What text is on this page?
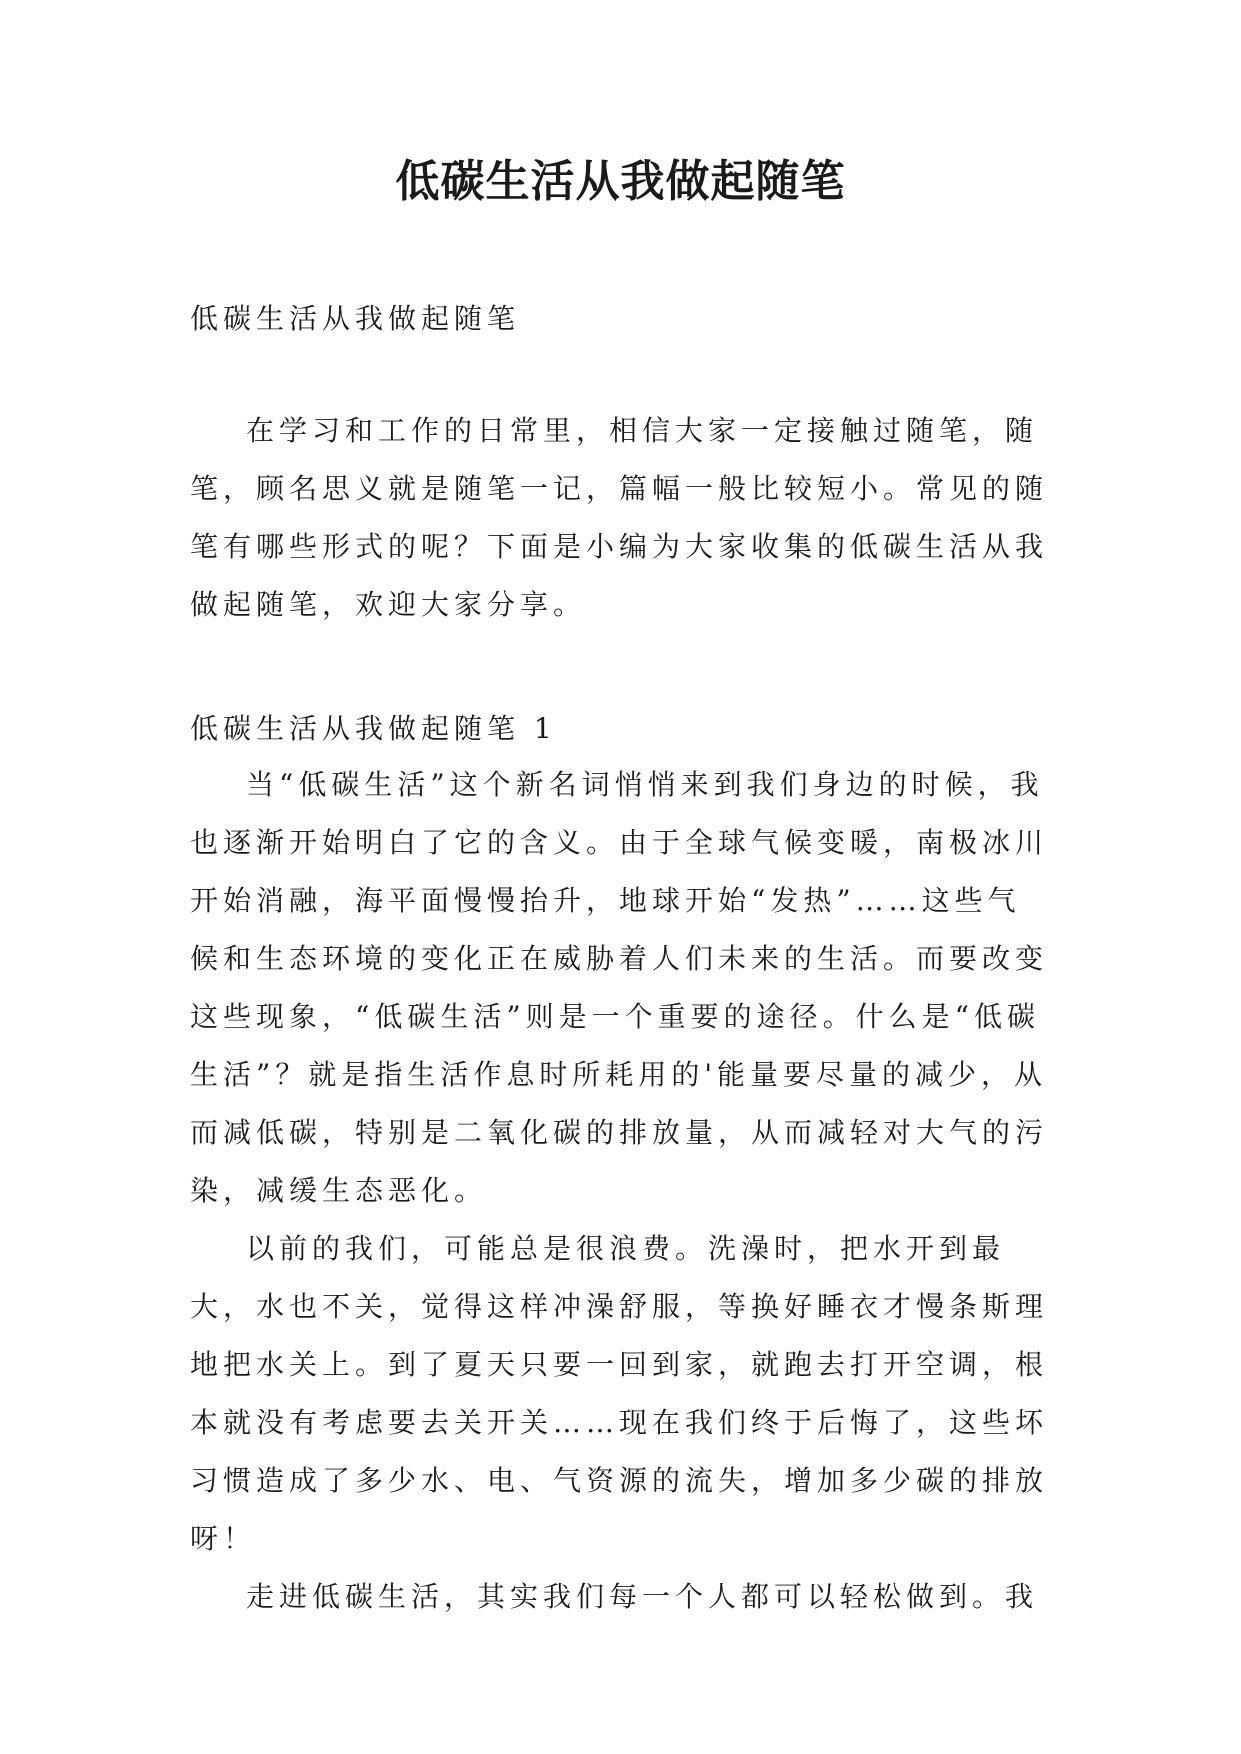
低碳生活从我做起随笔
低碳生活从我做起随笔

在学习和工作的日常里，相信大家一定接触过随笔，随笔，顾名思义就是随笔一记，篇幅一般比较短小。常见的随笔有哪些形式的呢？下面是小编为大家收集的低碳生活从我做起随笔，欢迎大家分享。

低碳生活从我做起随笔 1

当“低碳生活”这个新名词悄悄来到我们身边的时候，我也逐渐开始明白了它的含义。由于全球气候变暖，南极冰川开始消融，海平面慢慢抬升，地球开始“发热”……这些气候和生态环境的变化正在威胁着人们未来的生活。而要改变这些现象，“低碳生活”则是一个重要的途径。什么是“低碳生活”？就是指生活作息时所耗用的'能量要尽量的减少，从而减低碳，特别是二氧化碳的排放量，从而减轻对大气的污染，减缓生态恶化。

以前的我们，可能总是很浪费。洗澡时，把水开到最大，水也不关，觉得这样冲澡舒服，等换好睡衣才慢条斯理地把水关上。到了夏天只要一回到家，就跑去打开空调，根本就没有考虑要去关开关……现在我们终于后悔了，这些坏习惯造成了多少水、电、气资源的流失，增加多少碳的排放呀！

走进低碳生活，其实我们每一个人都可以轻松做到。我
